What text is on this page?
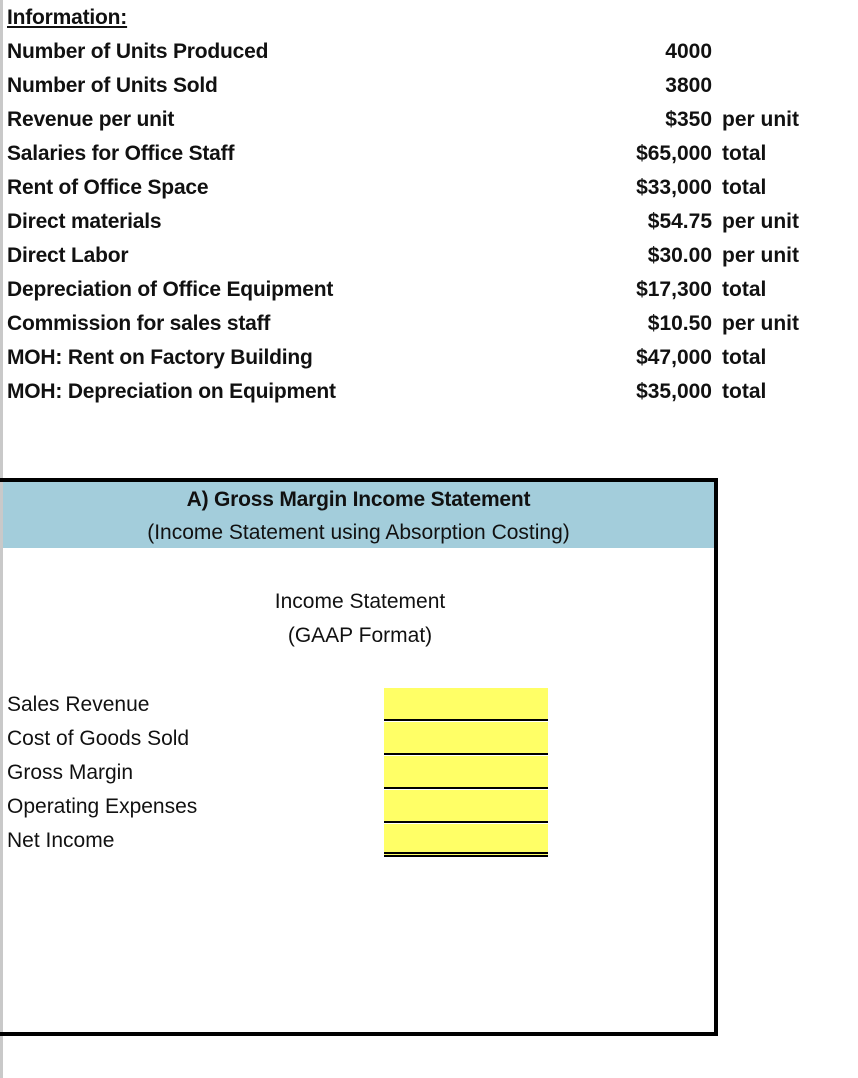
Information:
Number of Units Produced	4000
Number of Units Sold	3800
Revenue per unit	$350 per unit
Salaries for Office Staff	$65,000 total
Rent of Office Space	$33,000 total
Direct materials	$54.75 per unit
Direct Labor	$30.00 per unit
Depreciation of Office Equipment	$17,300 total
Commission for sales staff	$10.50 per unit
MOH: Rent on Factory Building	$47,000 total
MOH: Depreciation on Equipment	$35,000 total
A) Gross Margin Income Statement
(Income Statement using Absorption Costing)
Income Statement
(GAAP Format)
Sales Revenue
Cost of Goods Sold
Gross Margin
Operating Expenses
Net Income
